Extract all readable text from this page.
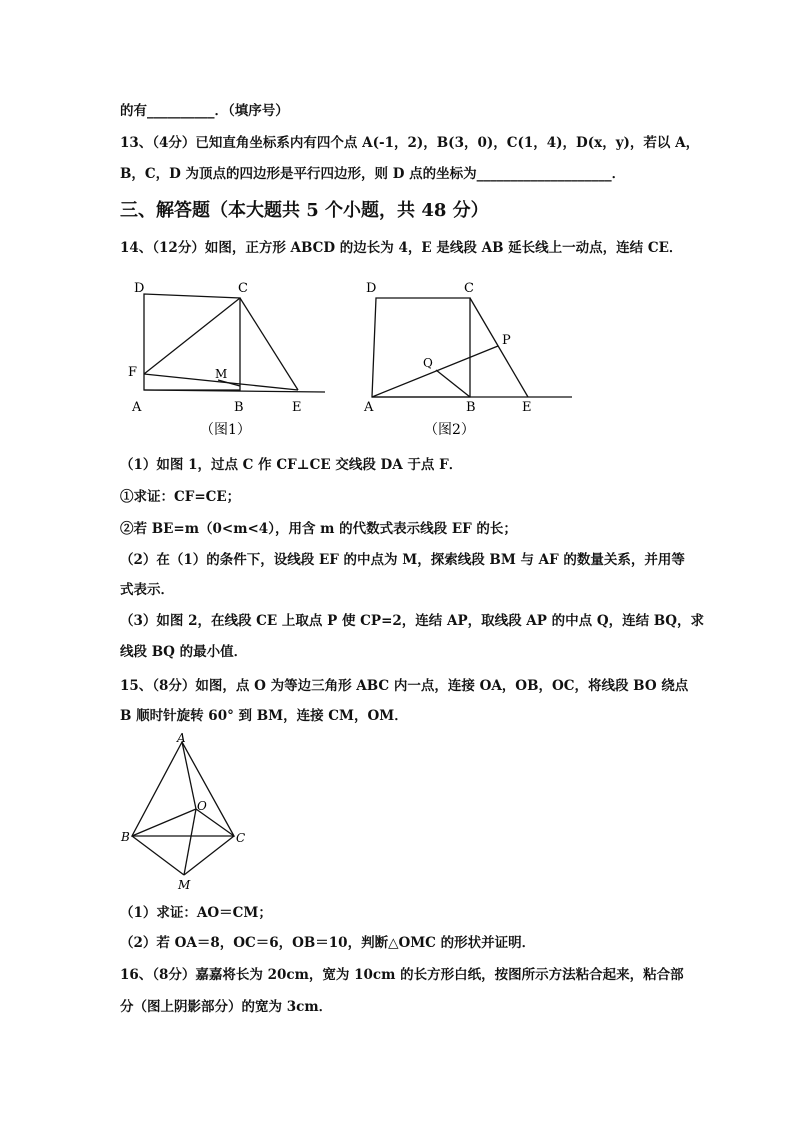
的有__________．（填序号）
13、（4分）已知直角坐标系内有四个点 A(-1，2)，B(3，0)，C(1，4)，D(x，y)，若以 A，
B，C，D 为顶点的四边形是平行四边形，则 D 点的坐标为____________________．
三、解答题（本大题共 5 个小题，共 48 分）
14、（12分）如图，正方形 ABCD 的边长为 4，E 是线段 AB 延长线上一动点，连结 CE．
D	C
F	M
A	B	E
（图1）
D	C
P
Q
A	B	E
（图2）
（1）如图 1，过点 C 作 CF⊥CE 交线段 DA 于点 F．
①求证：CF=CE；
②若 BE=m（0<m<4），用含 m 的代数式表示线段 EF 的长；
（2）在（1）的条件下，设线段 EF 的中点为 M，探索线段 BM 与 AF 的数量关系，并用等
式表示．
（3）如图 2，在线段 CE 上取点 P 使 CP=2，连结 AP，取线段 AP 的中点 Q，连结 BQ，求
线段 BQ 的最小值．
15、（8分）如图，点 O 为等边三角形 ABC 内一点，连接 OA，OB，OC，将线段 BO 绕点
B 顺时针旋转 60° 到 BM，连接 CM，OM．
A
O
B	C
M
（1）求证：AO＝CM；
（2）若 OA＝8，OC＝6，OB＝10，判断△OMC 的形状并证明．
16、（8分）嘉嘉将长为 20cm，宽为 10cm 的长方形白纸，按图所示方法粘合起来，粘合部
分（图上阴影部分）的宽为 3cm．
